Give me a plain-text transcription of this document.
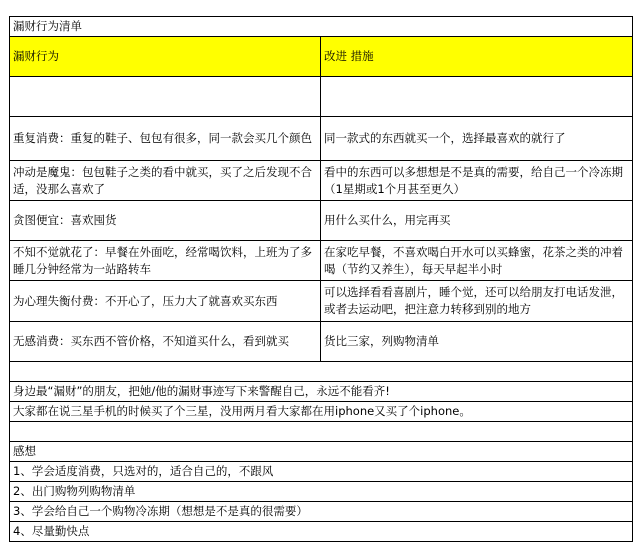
漏财行为清单	
漏财行为	改进 措施

重复消费：重复的鞋子、包包有很多，同一款会买几个颜色	同一款式的东西就买一个，选择最喜欢的就行了
冲动是魔鬼：包包鞋子之类的看中就买，买了之后发现不合适，没那么喜欢了	看中的东西可以多想想是不是真的需要，给自己一个冷冻期（1星期或1个月甚至更久）
贪图便宜：喜欢囤货	用什么买什么，用完再买
不知不觉就花了：早餐在外面吃，经常喝饮料，上班为了多睡几分钟经常为一站路转车	在家吃早餐，不喜欢喝白开水可以买蜂蜜，花茶之类的冲着喝（节约又养生），每天早起半小时
为心理失衡付费：不开心了，压力大了就喜欢买东西	可以选择看看喜剧片，睡个觉，还可以给朋友打电话发泄，或者去运动吧，把注意力转移到别的地方
无感消费：买东西不管价格，不知道买什么，看到就买	货比三家，列购物清单

身边最“漏财”的朋友，把她/他的漏财事迹写下来警醒自己，永远不能看齐!	
大家都在说三星手机的时候买了个三星，没用两月看大家都在用iphone又买了个iphone。	

感想	
1、学会适度消费，只选对的，适合自己的，不跟风	
2、出门购物列购物清单	
3、学会给自己一个购物冷冻期（想想是不是真的很需要）	
4、尽量勤快点	
